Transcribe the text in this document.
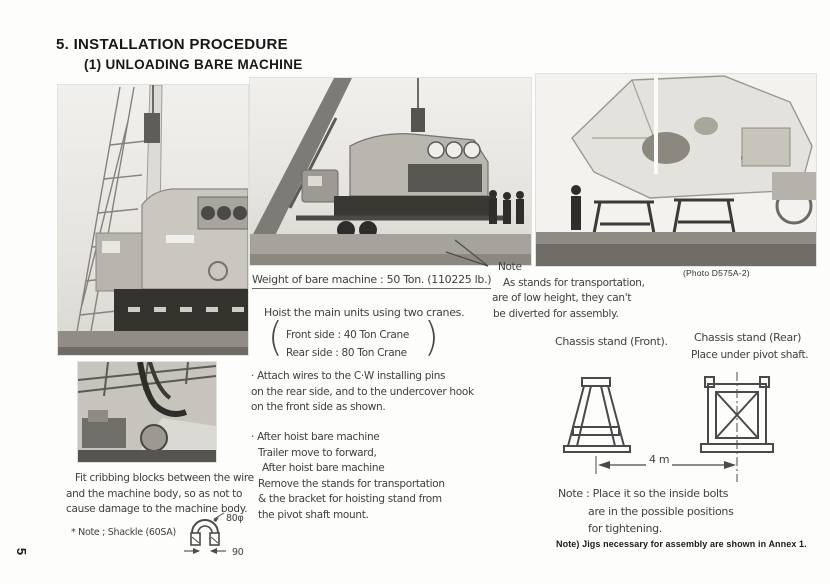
5. INSTALLATION PROCEDURE
(1) UNLOADING BARE MACHINE
5
(Photo D575A-2)
Note
As stands for transportation,
are of low height, they can't
be diverted for assembly.
Weight of bare machine : 50 Ton. (110225 lb.)
Hoist the main units using two cranes.
( Front side : 40 Ton Crane
Rear side : 80 Ton Crane )
· Attach wires to the C·W installing pins
on the rear side, and to the undercover hook
on the front side as shown.
· After hoist bare machine
Trailer move to forward,
After hoist bare machine
Remove the stands for transportation
& the bracket for hoisting stand from
the pivot shaft mount.
Chassis stand (Front). Chassis stand (Rear)
Place under pivot shaft.
4 m
Note : Place it so the inside bolts
are in the possible positions
for tightening.
Note) Jigs necessary for assembly are shown in Annex 1.
Fit cribbing blocks between the wire
and the machine body, so as not to
cause damage to the machine body.
* Note ; Shackle (60SA)
80φ
90
